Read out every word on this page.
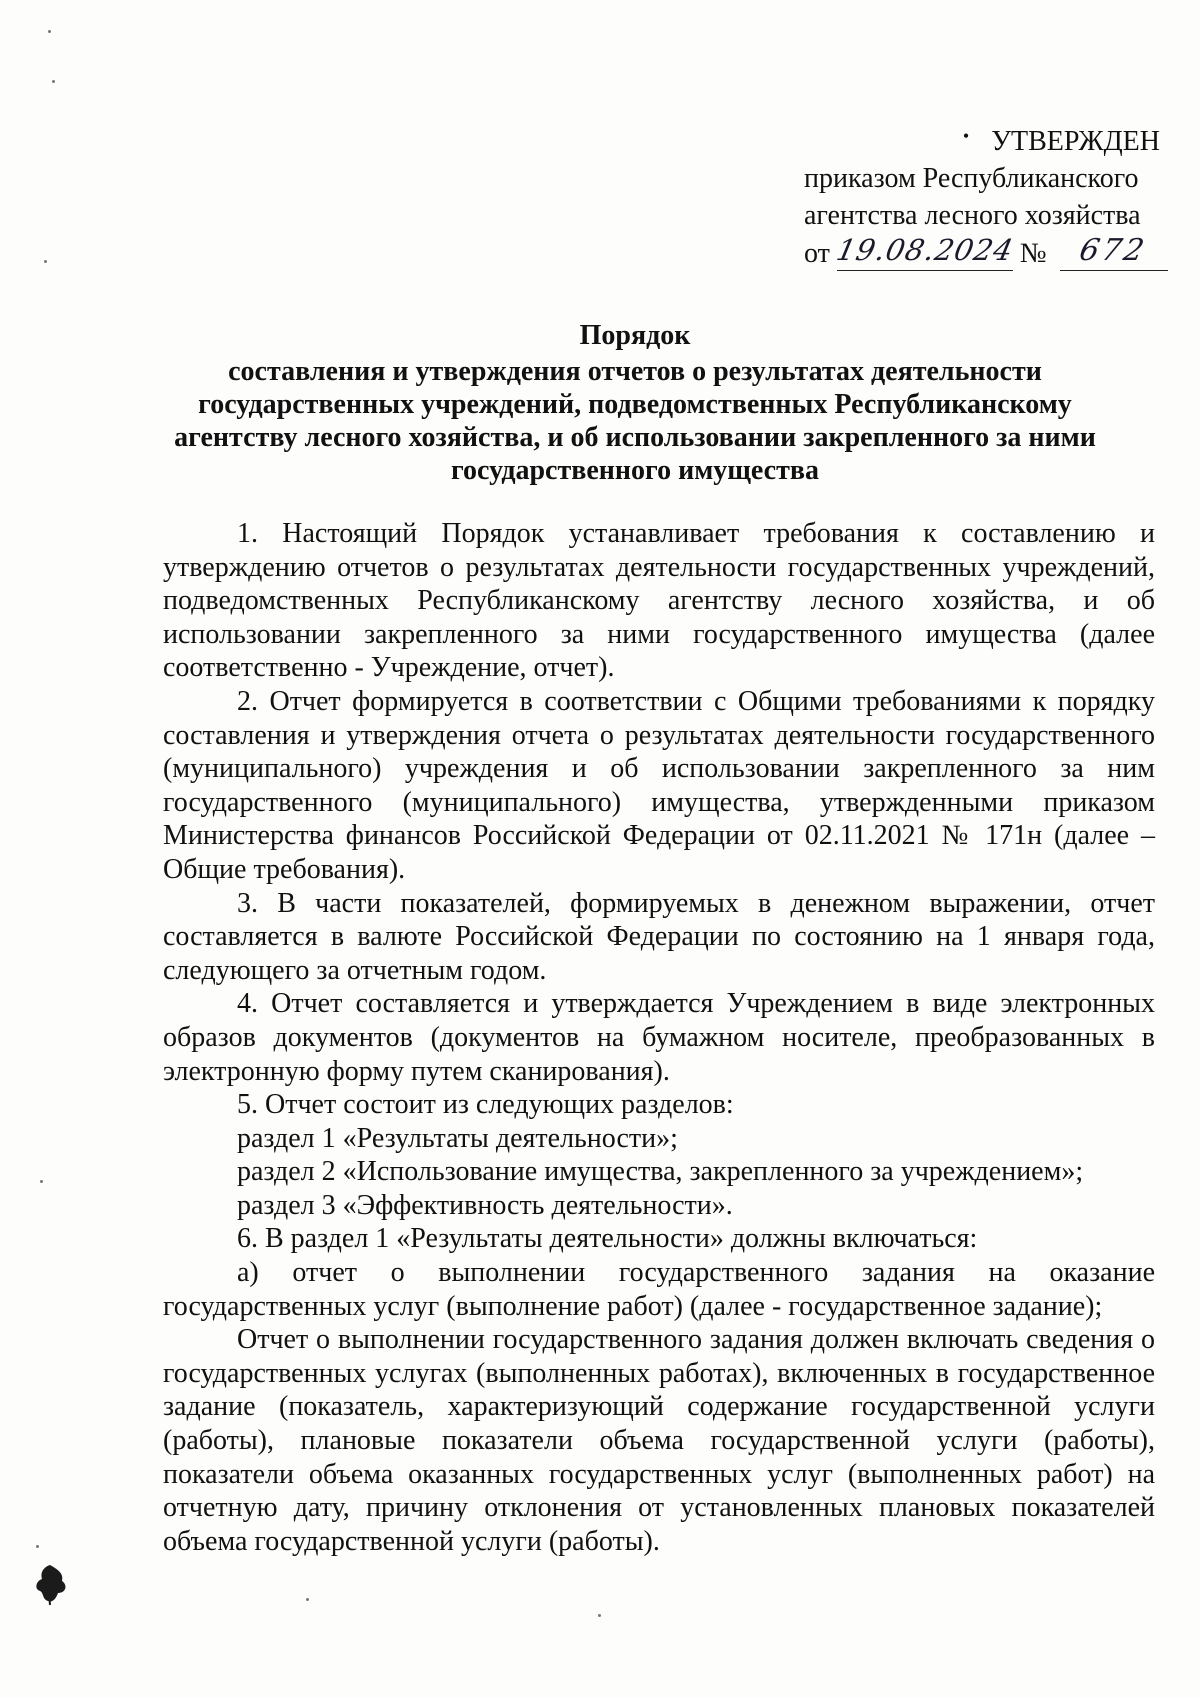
• УТВЕРЖДЕН
приказом Республиканского
агентства лесного хозяйства
от 19.08.2024 № 672
Порядок
составления и утверждения отчетов о результатах деятельности государственных учреждений, подведомственных Республиканскому агентству лесного хозяйства, и об использовании закрепленного за ними государственного имущества

1. Настоящий Порядок устанавливает требования к составлению и утверждению отчетов о результатах деятельности государственных учреждений, подведомственных Республиканскому агентству лесного хозяйства, и об использовании закрепленного за ними государственного имущества (далее соответственно - Учреждение, отчет).

2. Отчет формируется в соответствии с Общими требованиями к порядку составления и утверждения отчета о результатах деятельности государственного (муниципального) учреждения и об использовании закрепленного за ним государственного (муниципального) имущества, утвержденными приказом Министерства финансов Российской Федерации от 02.11.2021 № 171н (далее – Общие требования).

3. В части показателей, формируемых в денежном выражении, отчет составляется в валюте Российской Федерации по состоянию на 1 января года, следующего за отчетным годом.

4. Отчет составляется и утверждается Учреждением в виде электронных образов документов (документов на бумажном носителе, преобразованных в электронную форму путем сканирования).

5. Отчет состоит из следующих разделов:

раздел 1 «Результаты деятельности»;

раздел 2 «Использование имущества, закрепленного за учреждением»;

раздел 3 «Эффективность деятельности».

6. В раздел 1 «Результаты деятельности» должны включаться:

а) отчет о выполнении государственного задания на оказание государственных услуг (выполнение работ) (далее - государственное задание);

Отчет о выполнении государственного задания должен включать сведения о государственных услугах (выполненных работах), включенных в государственное задание (показатель, характеризующий содержание государственной услуги (работы), плановые показатели объема государственной услуги (работы), показатели объема оказанных государственных услуг (выполненных работ) на отчетную дату, причину отклонения от установленных плановых показателей объема государственной услуги (работы).
